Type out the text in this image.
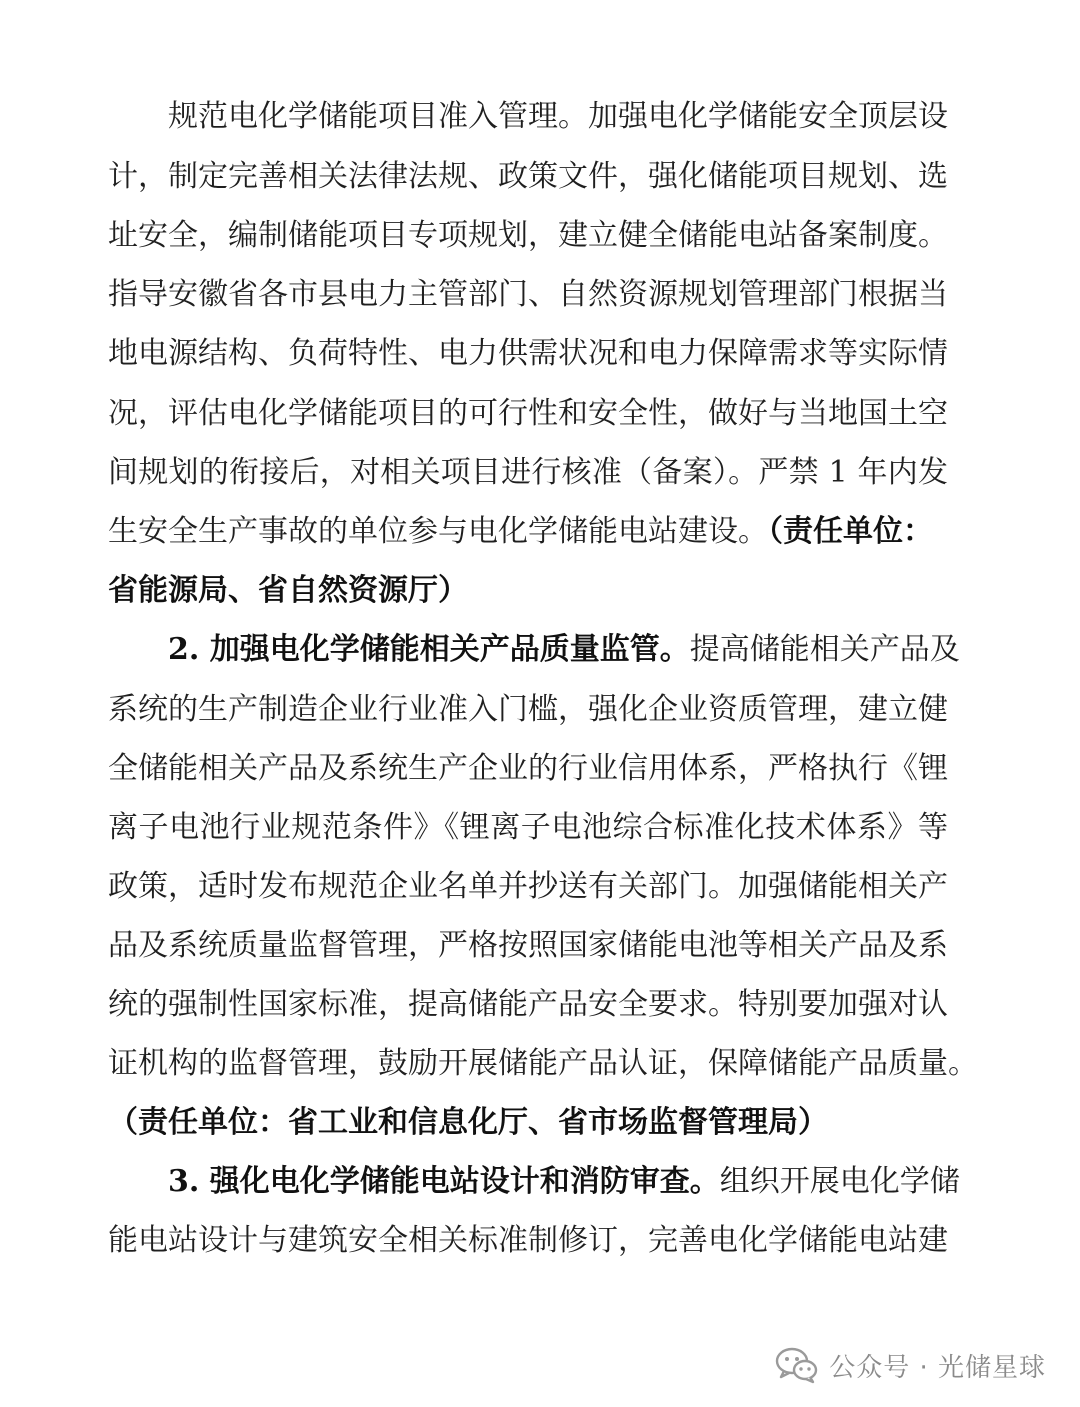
规范电化学储能项目准入管理。加强电化学储能安全顶层设
计，制定完善相关法律法规、政策文件，强化储能项目规划、选
址安全，编制储能项目专项规划，建立健全储能电站备案制度。
指导安徽省各市县电力主管部门、自然资源规划管理部门根据当
地电源结构、负荷特性、电力供需状况和电力保障需求等实际情
况，评估电化学储能项目的可行性和安全性，做好与当地国土空
间规划的衔接后，对相关项目进行核准（备案）。严禁 1 年内发
生安全生产事故的单位参与电化学储能电站建设。（责任单位：
省能源局、省自然资源厅）
2. 加强电化学储能相关产品质量监管。提高储能相关产品及
系统的生产制造企业行业准入门槛，强化企业资质管理，建立健
全储能相关产品及系统生产企业的行业信用体系，严格执行《锂
离子电池行业规范条件》《锂离子电池综合标准化技术体系》等
政策，适时发布规范企业名单并抄送有关部门。加强储能相关产
品及系统质量监督管理，严格按照国家储能电池等相关产品及系
统的强制性国家标准，提高储能产品安全要求。特别要加强对认
证机构的监督管理，鼓励开展储能产品认证，保障储能产品质量。
（责任单位：省工业和信息化厅、省市场监督管理局）
3. 强化电化学储能电站设计和消防审查。组织开展电化学储
能电站设计与建筑安全相关标准制修订，完善电化学储能电站建
公众号 · 光储星球
